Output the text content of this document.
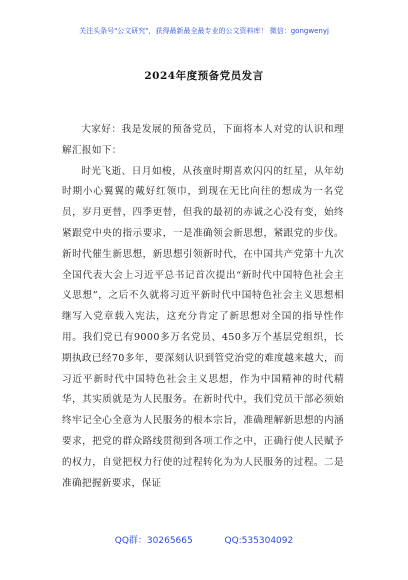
关注头条号"公文研究"，获得最新最全最专业的公文资料库！ 微信：gongwenyj
2024年度预备党员发言

大家好：我是发展的预备党员，下面将本人对党的认识和理解汇报如下：

时光飞逝、日月如梭，从孩童时期喜欢闪闪的红星，从年幼时期小心翼翼的戴好红领巾，到现在无比向往的想成为一名党员，岁月更替，四季更替，但我的最初的赤诚之心没有变，始终紧跟党中央的指示要求，一是准确领会新思想，紧跟党的步伐。新时代催生新思想，新思想引领新时代，在中国共产党第十九次全国代表大会上习近平总书记首次提出“新时代中国特色社会主义思想”，之后不久就将习近平新时代中国特色社会主义思想相继写入党章载入宪法，这充分肯定了新思想对全国的指导性作用。我们党已有9000多万名党员、450多万个基层党组织，长期执政已经70多年，要深刻认识到管党治党的难度越来越大，而习近平新时代中国特色社会主义思想，作为中国精神的时代精华，其实质就是为人民服务。在新时代中，我们党员干部必须始终牢记全心全意为人民服务的根本宗旨，准确理解新思想的内涵要求，把党的群众路线贯彻到各项工作之中，正确行使人民赋予的权力，自觉把权力行使的过程转化为为人民服务的过程。二是准确把握新要求，保证

QQ群：30265665	QQ:535304092
